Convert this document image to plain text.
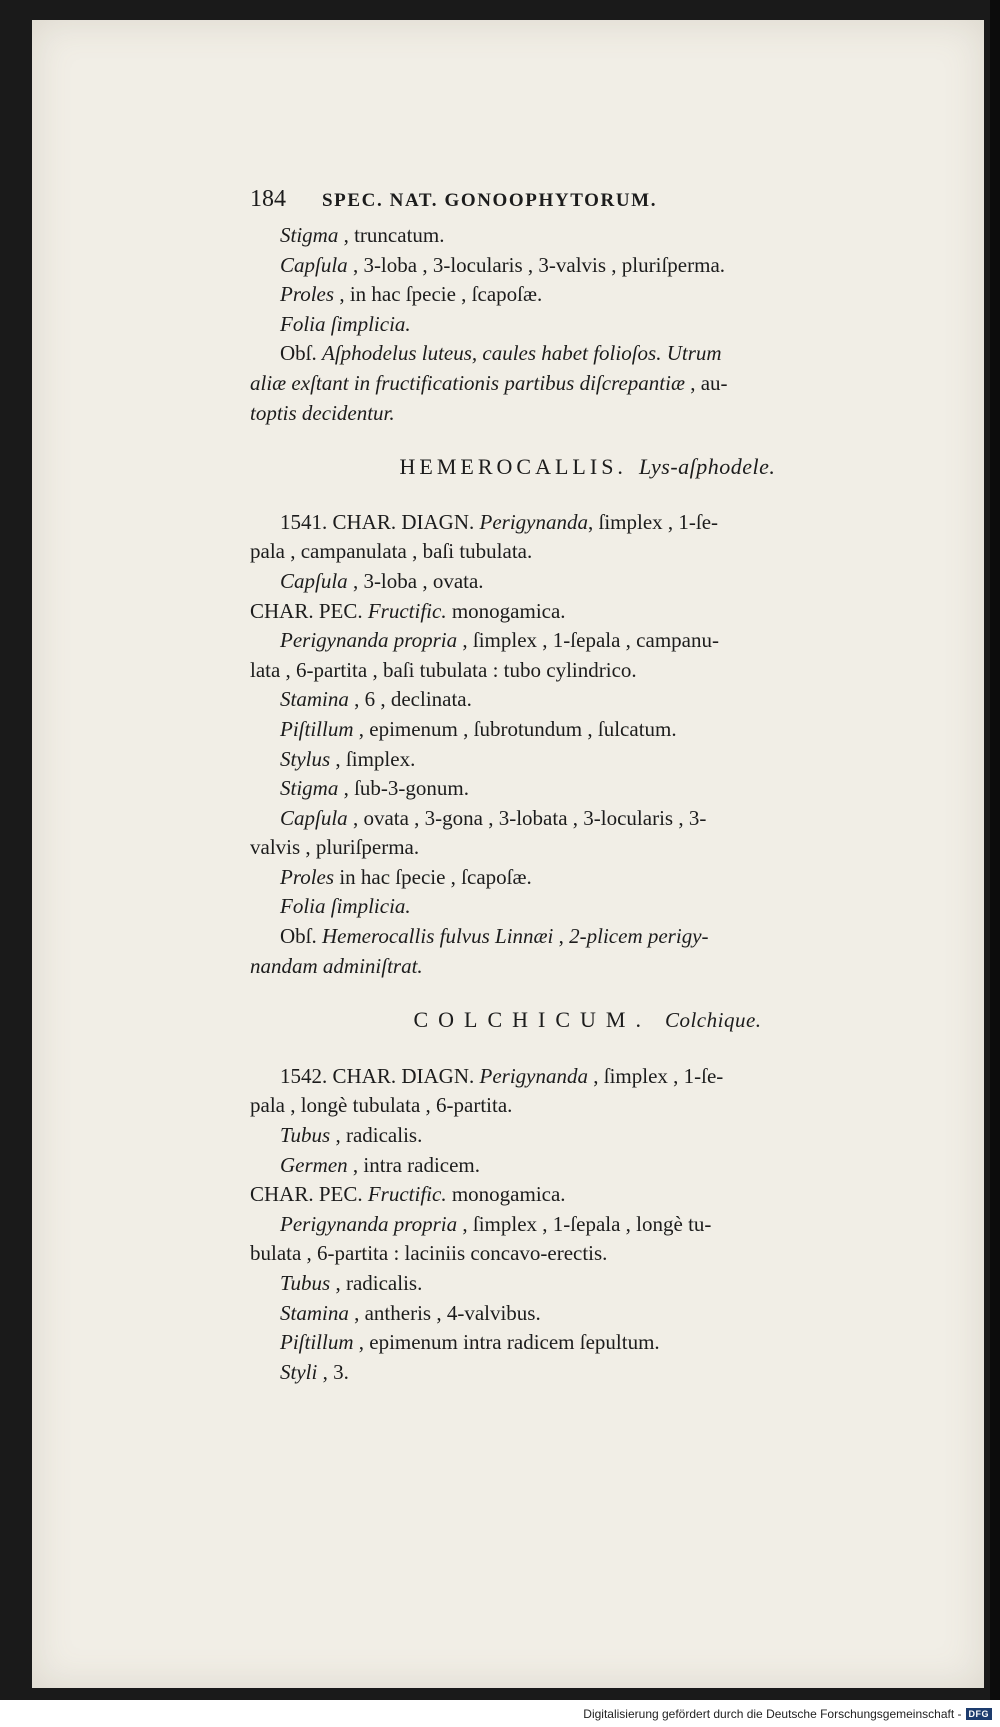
184 SPEC. NAT. GONOOPHYTORUM.
Stigma , truncatum.
Capſula , 3-loba , 3-locularis , 3-valvis , pluriſperma.
Proles , in hac ſpecie , ſcapoſæ.
Folia ſimplicia.
Obſ. Aſphodelus luteus, caules habet folioſos. Utrum
aliæ exſtant in fructificationis partibus diſcrepantiæ , au-
toptis decidentur.
HEMEROCALLIS. Lys-aſphodele.
1541. CHAR. DIAGN. Perigynanda, ſimplex , 1-ſe-
pala , campanulata , baſi tubulata.
Capſula , 3-loba , ovata.
CHAR. PEC. Fructific. monogamica.
Perigynanda propria , ſimplex , 1-ſepala , campanu-
lata , 6-partita , baſi tubulata : tubo cylindrico.
Stamina , 6 , declinata.
Piſtillum , epimenum , ſubrotundum , ſulcatum.
Stylus , ſimplex.
Stigma , ſub-3-gonum.
Capſula , ovata , 3-gona , 3-lobata , 3-locularis , 3-
valvis , pluriſperma.
Proles in hac ſpecie , ſcapoſæ.
Folia ſimplicia.
Obſ. Hemerocallis fulvus Linnæi , 2-plicem perigy-
nandam adminiſtrat.
COLCHICUM. Colchique.
1542. CHAR. DIAGN. Perigynanda , ſimplex , 1-ſe-
pala , longè tubulata , 6-partita.
Tubus , radicalis.
Germen , intra radicem.
CHAR. PEC. Fructific. monogamica.
Perigynanda propria , ſimplex , 1-ſepala , longè tu-
bulata , 6-partita : laciniis concavo-erectis.
Tubus , radicalis.
Stamina , antheris , 4-valvibus.
Piſtillum , epimenum intra radicem ſepultum.
Styli , 3.
Digitalisierung gefördert durch die Deutsche Forschungsgemeinschaft - DFG
